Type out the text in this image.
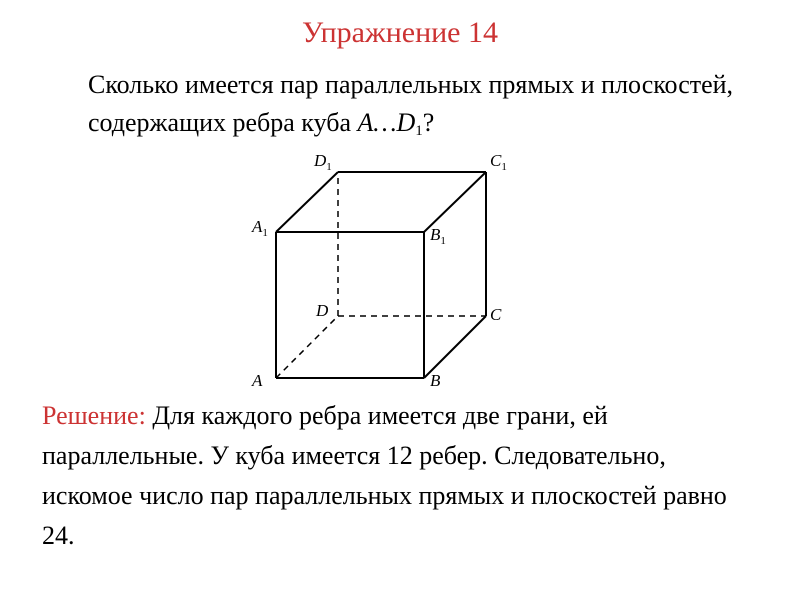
Упражнение 14
Сколько имеется пар параллельных прямых и плоскостей, содержащих ребра куба $A\dots D_1$?
A	B
C
D
$A_1$	$B_1$
$C_1$
$D_1$
Решение: Для каждого ребра имеется две грани, ей параллельные. У куба имеется 12 ребер. Следовательно, искомое число пар параллельных прямых и плоскостей равно 24.
